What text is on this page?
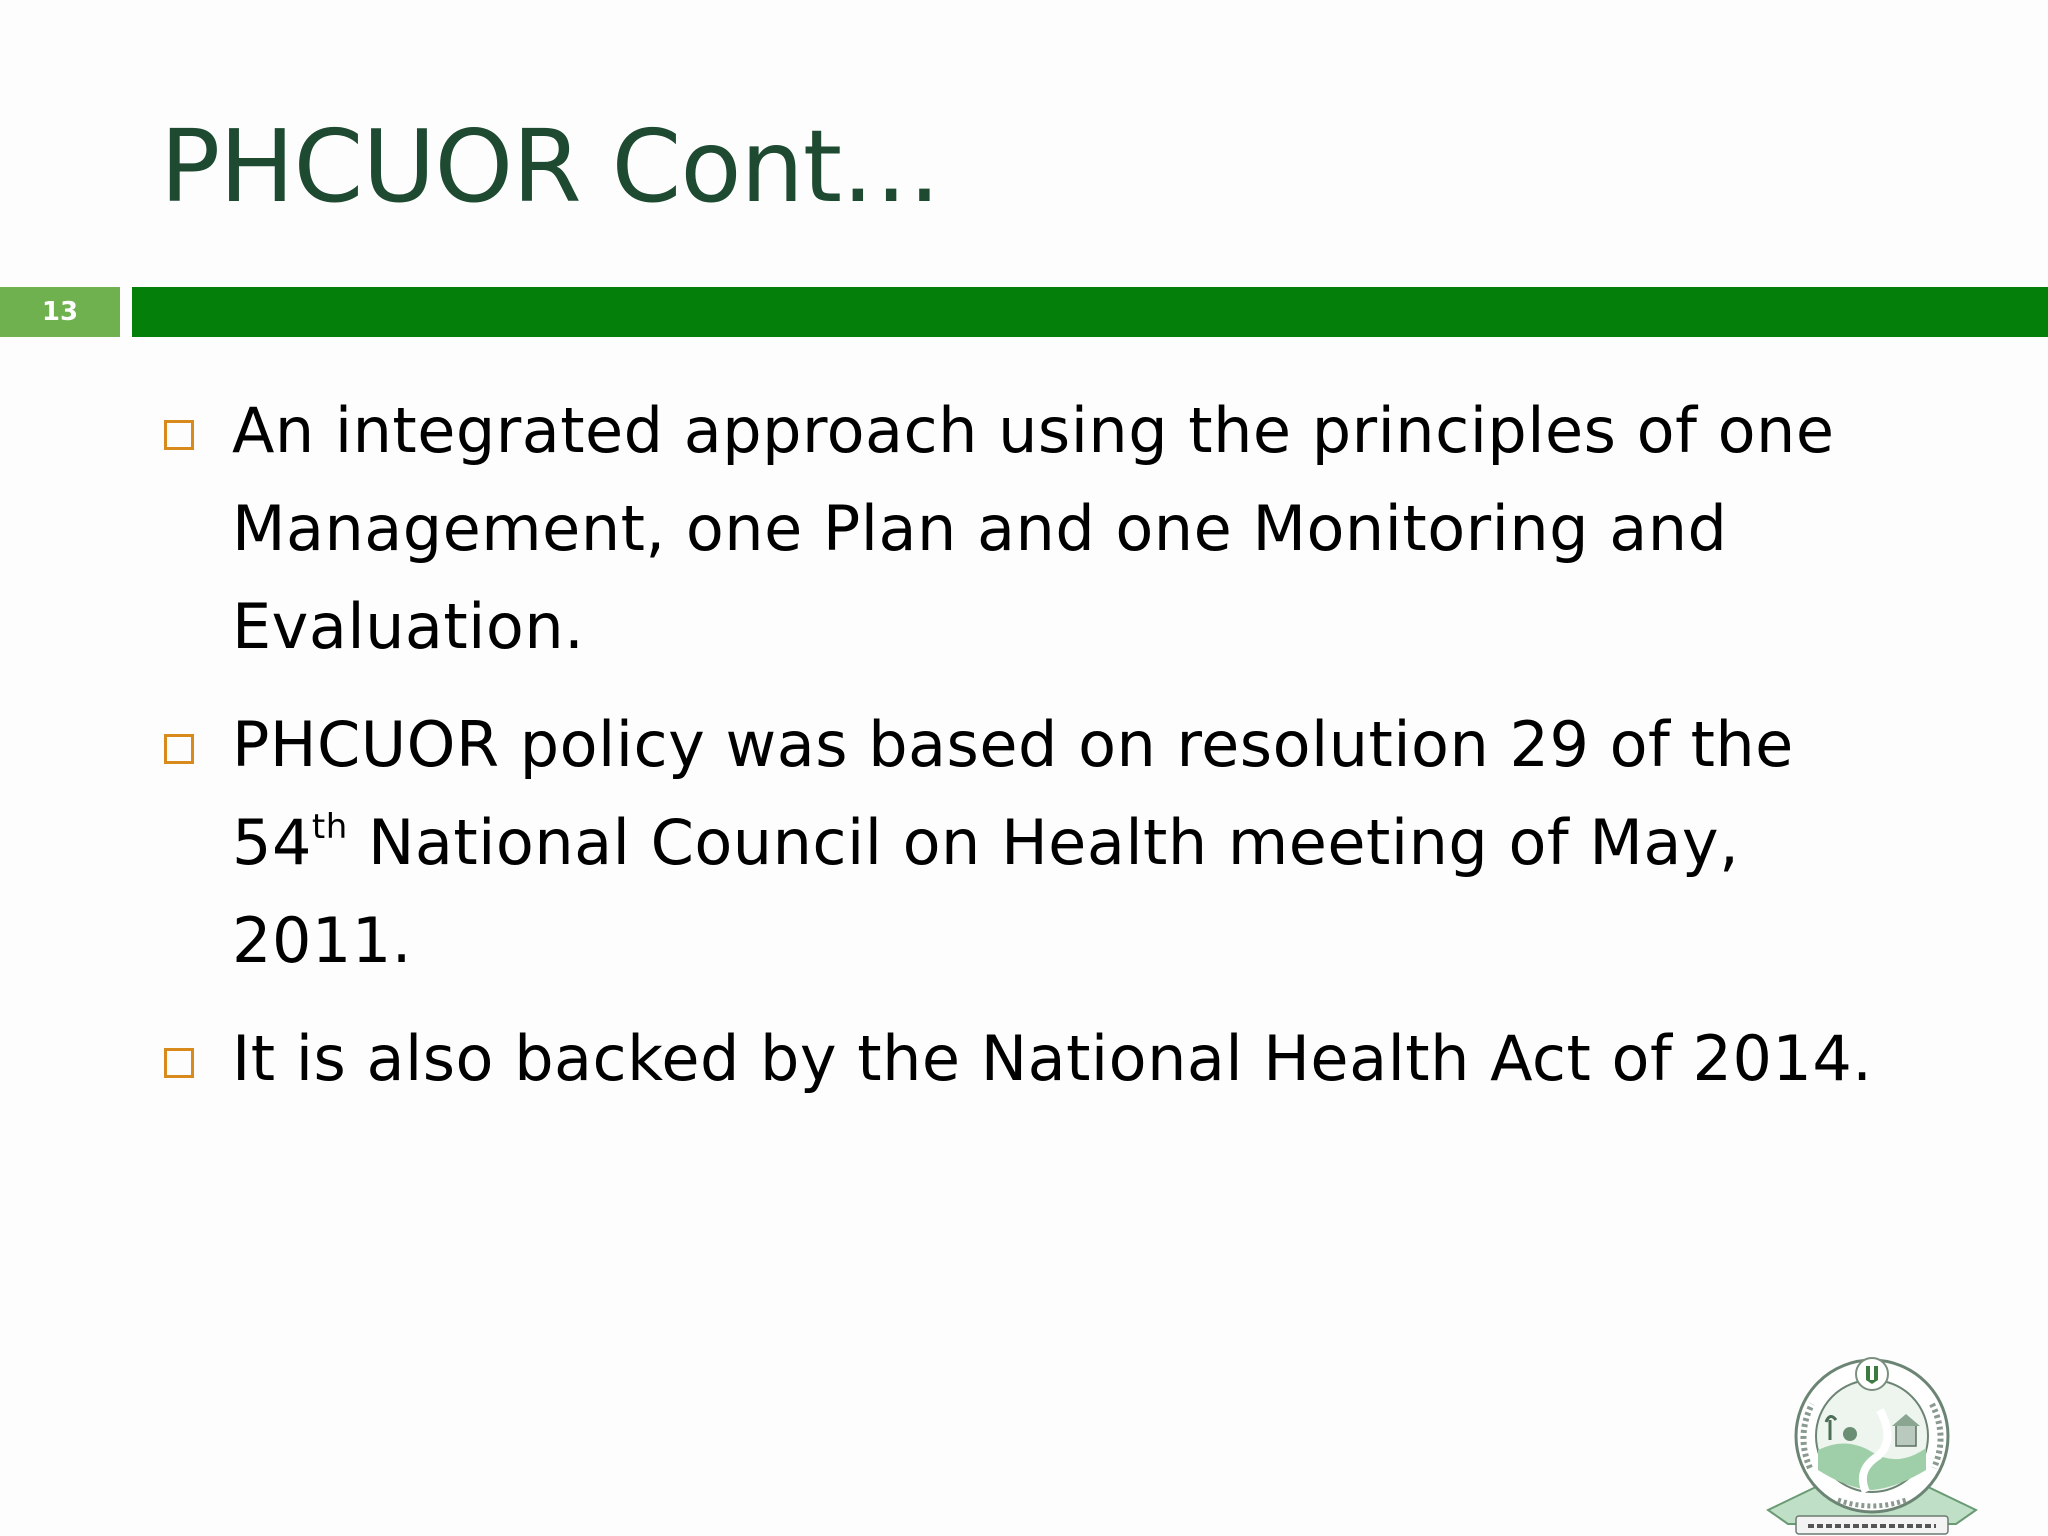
PHCUOR Cont…
13
An integrated approach using the principles of one Management, one Plan and one Monitoring and Evaluation.
PHCUOR policy was based on resolution 29 of the 54th National Council on Health meeting of May, 2011.
It is also backed by the National Health Act of 2014.
